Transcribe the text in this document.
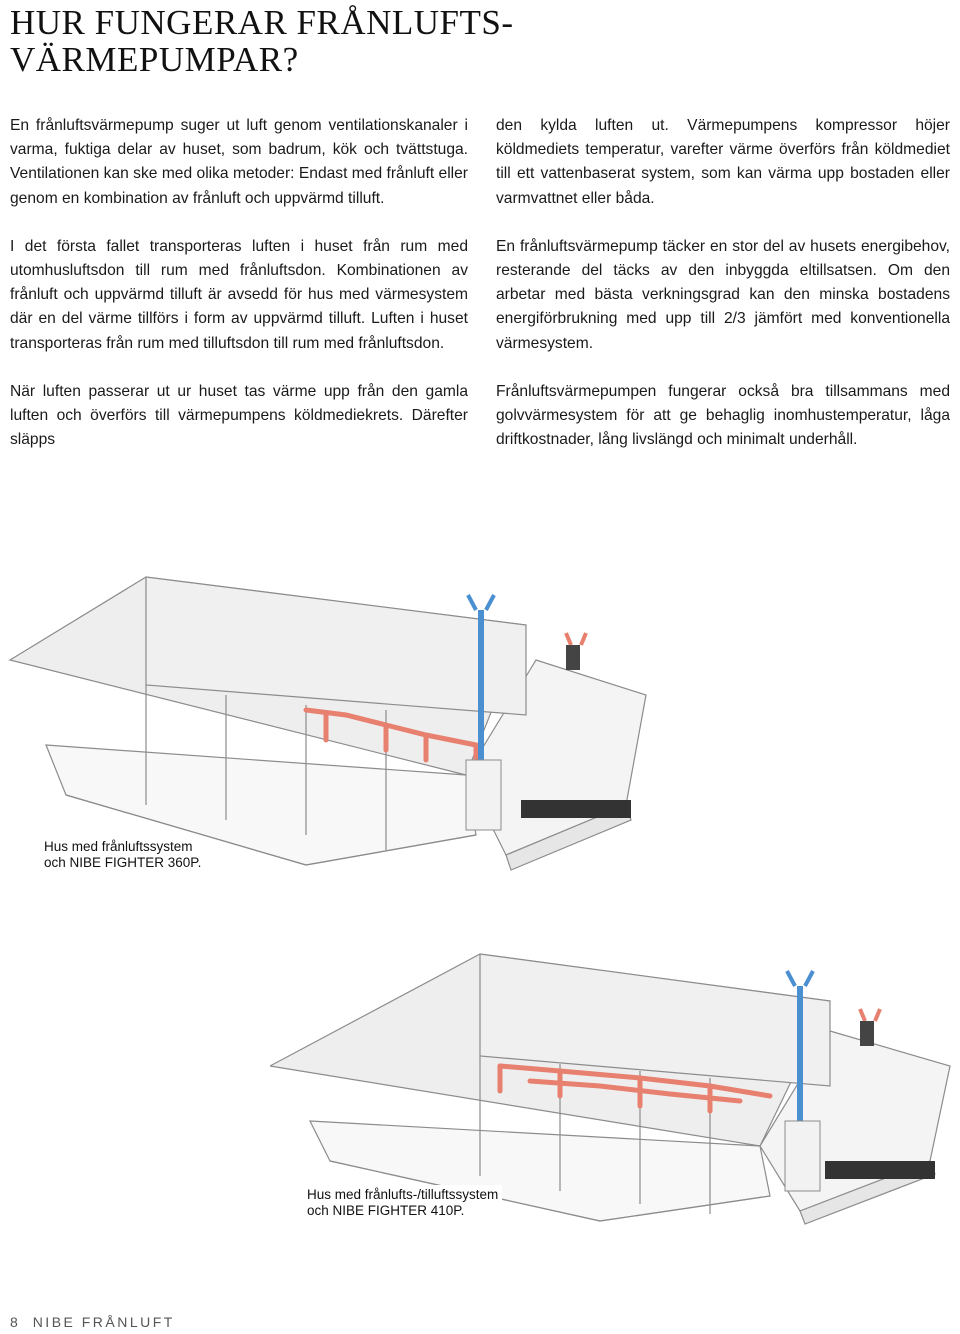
HUR FUNGERAR FRÅNLUFTS-
VÄRMEPUMPAR?

En frånluftsvärmepump suger ut luft genom ventilationskanaler i varma, fuktiga delar av huset, som badrum, kök och tvättstuga. Ventilationen kan ske med olika metoder: Endast med frånluft eller genom en kombination av frånluft och uppvärmd tilluft.

I det första fallet transporteras luften i huset från rum med utomhusluftsdon till rum med frånluftsdon. Kombinationen av frånluft och uppvärmd tilluft är avsedd för hus med värmesystem där en del värme tillförs i form av uppvärmd tilluft. Luften i huset transporteras från rum med tilluftsdon till rum med frånluftsdon.

När luften passerar ut ur huset tas värme upp från den gamla luften och överförs till värmepumpens köldmediekrets. Därefter släpps

den kylda luften ut. Värmepumpens kompressor höjer köldmediets temperatur, varefter värme överförs från köldmediet till ett vattenbaserat system, som kan värma upp bostaden eller varmvattnet eller båda.

En frånluftsvärmepump täcker en stor del av husets energibehov, resterande del täcks av den inbyggda eltillsatsen. Om den arbetar med bästa verkningsgrad kan den minska bostadens energiförbrukning med upp till 2/3 jämfört med konventionella värmesystem.

Frånluftsvärmepumpen fungerar också bra tillsammans med golvvärmesystem för att ge behaglig inomhustemperatur, låga driftkostnader, lång livslängd och minimalt underhåll.

Hus med frånluftssystem
och NIBE FIGHTER 360P.
Hus med frånlufts-/tilluftssystem
och NIBE FIGHTER 410P.
8 NIBE FRÅNLUFT
